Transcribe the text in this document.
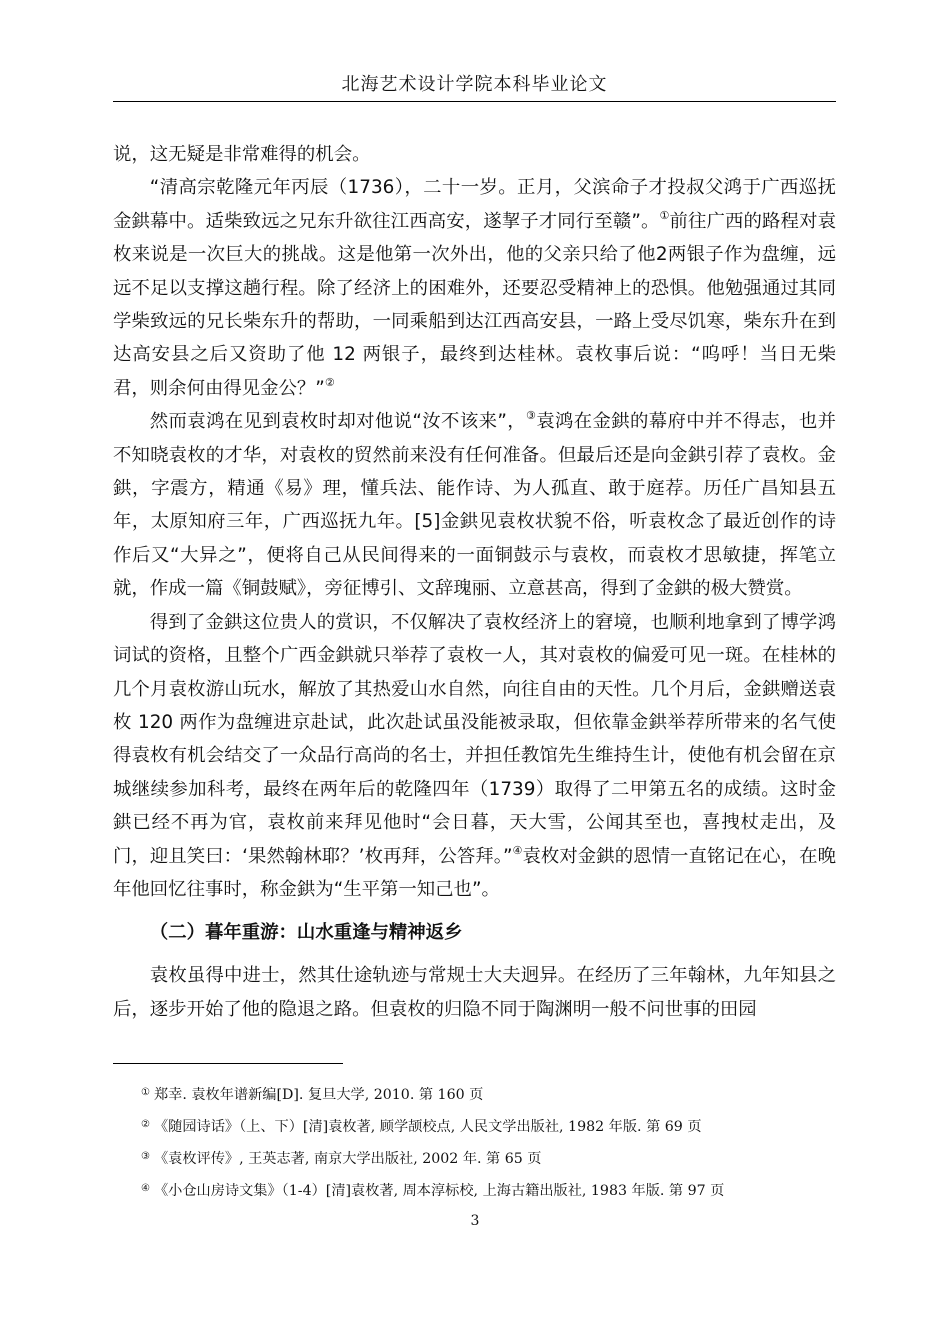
北海艺术设计学院本科毕业论文

说，这无疑是非常难得的机会。

“清高宗乾隆元年丙辰（1736），二十一岁。正月，父滨命子才投叔父鸿于广西巡抚金鉷幕中。适柴致远之兄东升欲往江西高安，遂挈子才同行至赣”。①前往广西的路程对袁枚来说是一次巨大的挑战。这是他第一次外出，他的父亲只给了他2两银子作为盘缠，远远不足以支撑这趟行程。除了经济上的困难外，还要忍受精神上的恐惧。他勉强通过其同学柴致远的兄长柴东升的帮助，一同乘船到达江西高安县，一路上受尽饥寒，柴东升在到达高安县之后又资助了他 12 两银子，最终到达桂林。袁枚事后说：“呜呼！当日无柴君，则余何由得见金公？”②

然而袁鸿在见到袁枚时却对他说“汝不该来”，③袁鸿在金鉷的幕府中并不得志，也并不知晓袁枚的才华，对袁枚的贸然前来没有任何准备。但最后还是向金鉷引荐了袁枚。金鉷，字震方，精通《易》理，懂兵法、能作诗、为人孤直、敢于庭荐。历任广昌知县五年，太原知府三年，广西巡抚九年。[5]金鉷见袁枚状貌不俗，听袁枚念了最近创作的诗作后又“大异之”，便将自己从民间得来的一面铜鼓示与袁枚，而袁枚才思敏捷，挥笔立就，作成一篇《铜鼓赋》，旁征博引、文辞瑰丽、立意甚高，得到了金鉷的极大赞赏。

得到了金鉷这位贵人的赏识，不仅解决了袁枚经济上的窘境，也顺利地拿到了博学鸿词试的资格，且整个广西金鉷就只举荐了袁枚一人，其对袁枚的偏爱可见一斑。在桂林的几个月袁枚游山玩水，解放了其热爱山水自然，向往自由的天性。几个月后，金鉷赠送袁枚 120 两作为盘缠进京赴试，此次赴试虽没能被录取，但依靠金鉷举荐所带来的名气使得袁枚有机会结交了一众品行高尚的名士，并担任教馆先生维持生计，使他有机会留在京城继续参加科考，最终在两年后的乾隆四年（1739）取得了二甲第五名的成绩。这时金鉷已经不再为官，袁枚前来拜见他时“会日暮，天大雪，公闻其至也，喜拽杖走出，及门，迎且笑曰：‘果然翰林耶？’枚再拜，公答拜。”④袁枚对金鉷的恩情一直铭记在心，在晚年他回忆往事时，称金鉷为“生平第一知己也”。

（二）暮年重游：山水重逢与精神返乡

袁枚虽得中进士，然其仕途轨迹与常规士大夫迥异。在经历了三年翰林，九年知县之后，逐步开始了他的隐退之路。但袁枚的归隐不同于陶渊明一般不问世事的田园

① 郑幸. 袁枚年谱新编[D]. 复旦大学, 2010. 第 160 页
② 《随园诗话》（上、下）[清]袁枚著, 顾学颉校点, 人民文学出版社, 1982 年版. 第 69 页
③ 《袁枚评传》, 王英志著, 南京大学出版社, 2002 年. 第 65 页
④ 《小仓山房诗文集》（1-4）[清]袁枚著, 周本淳标校, 上海古籍出版社, 1983 年版. 第 97 页
3
